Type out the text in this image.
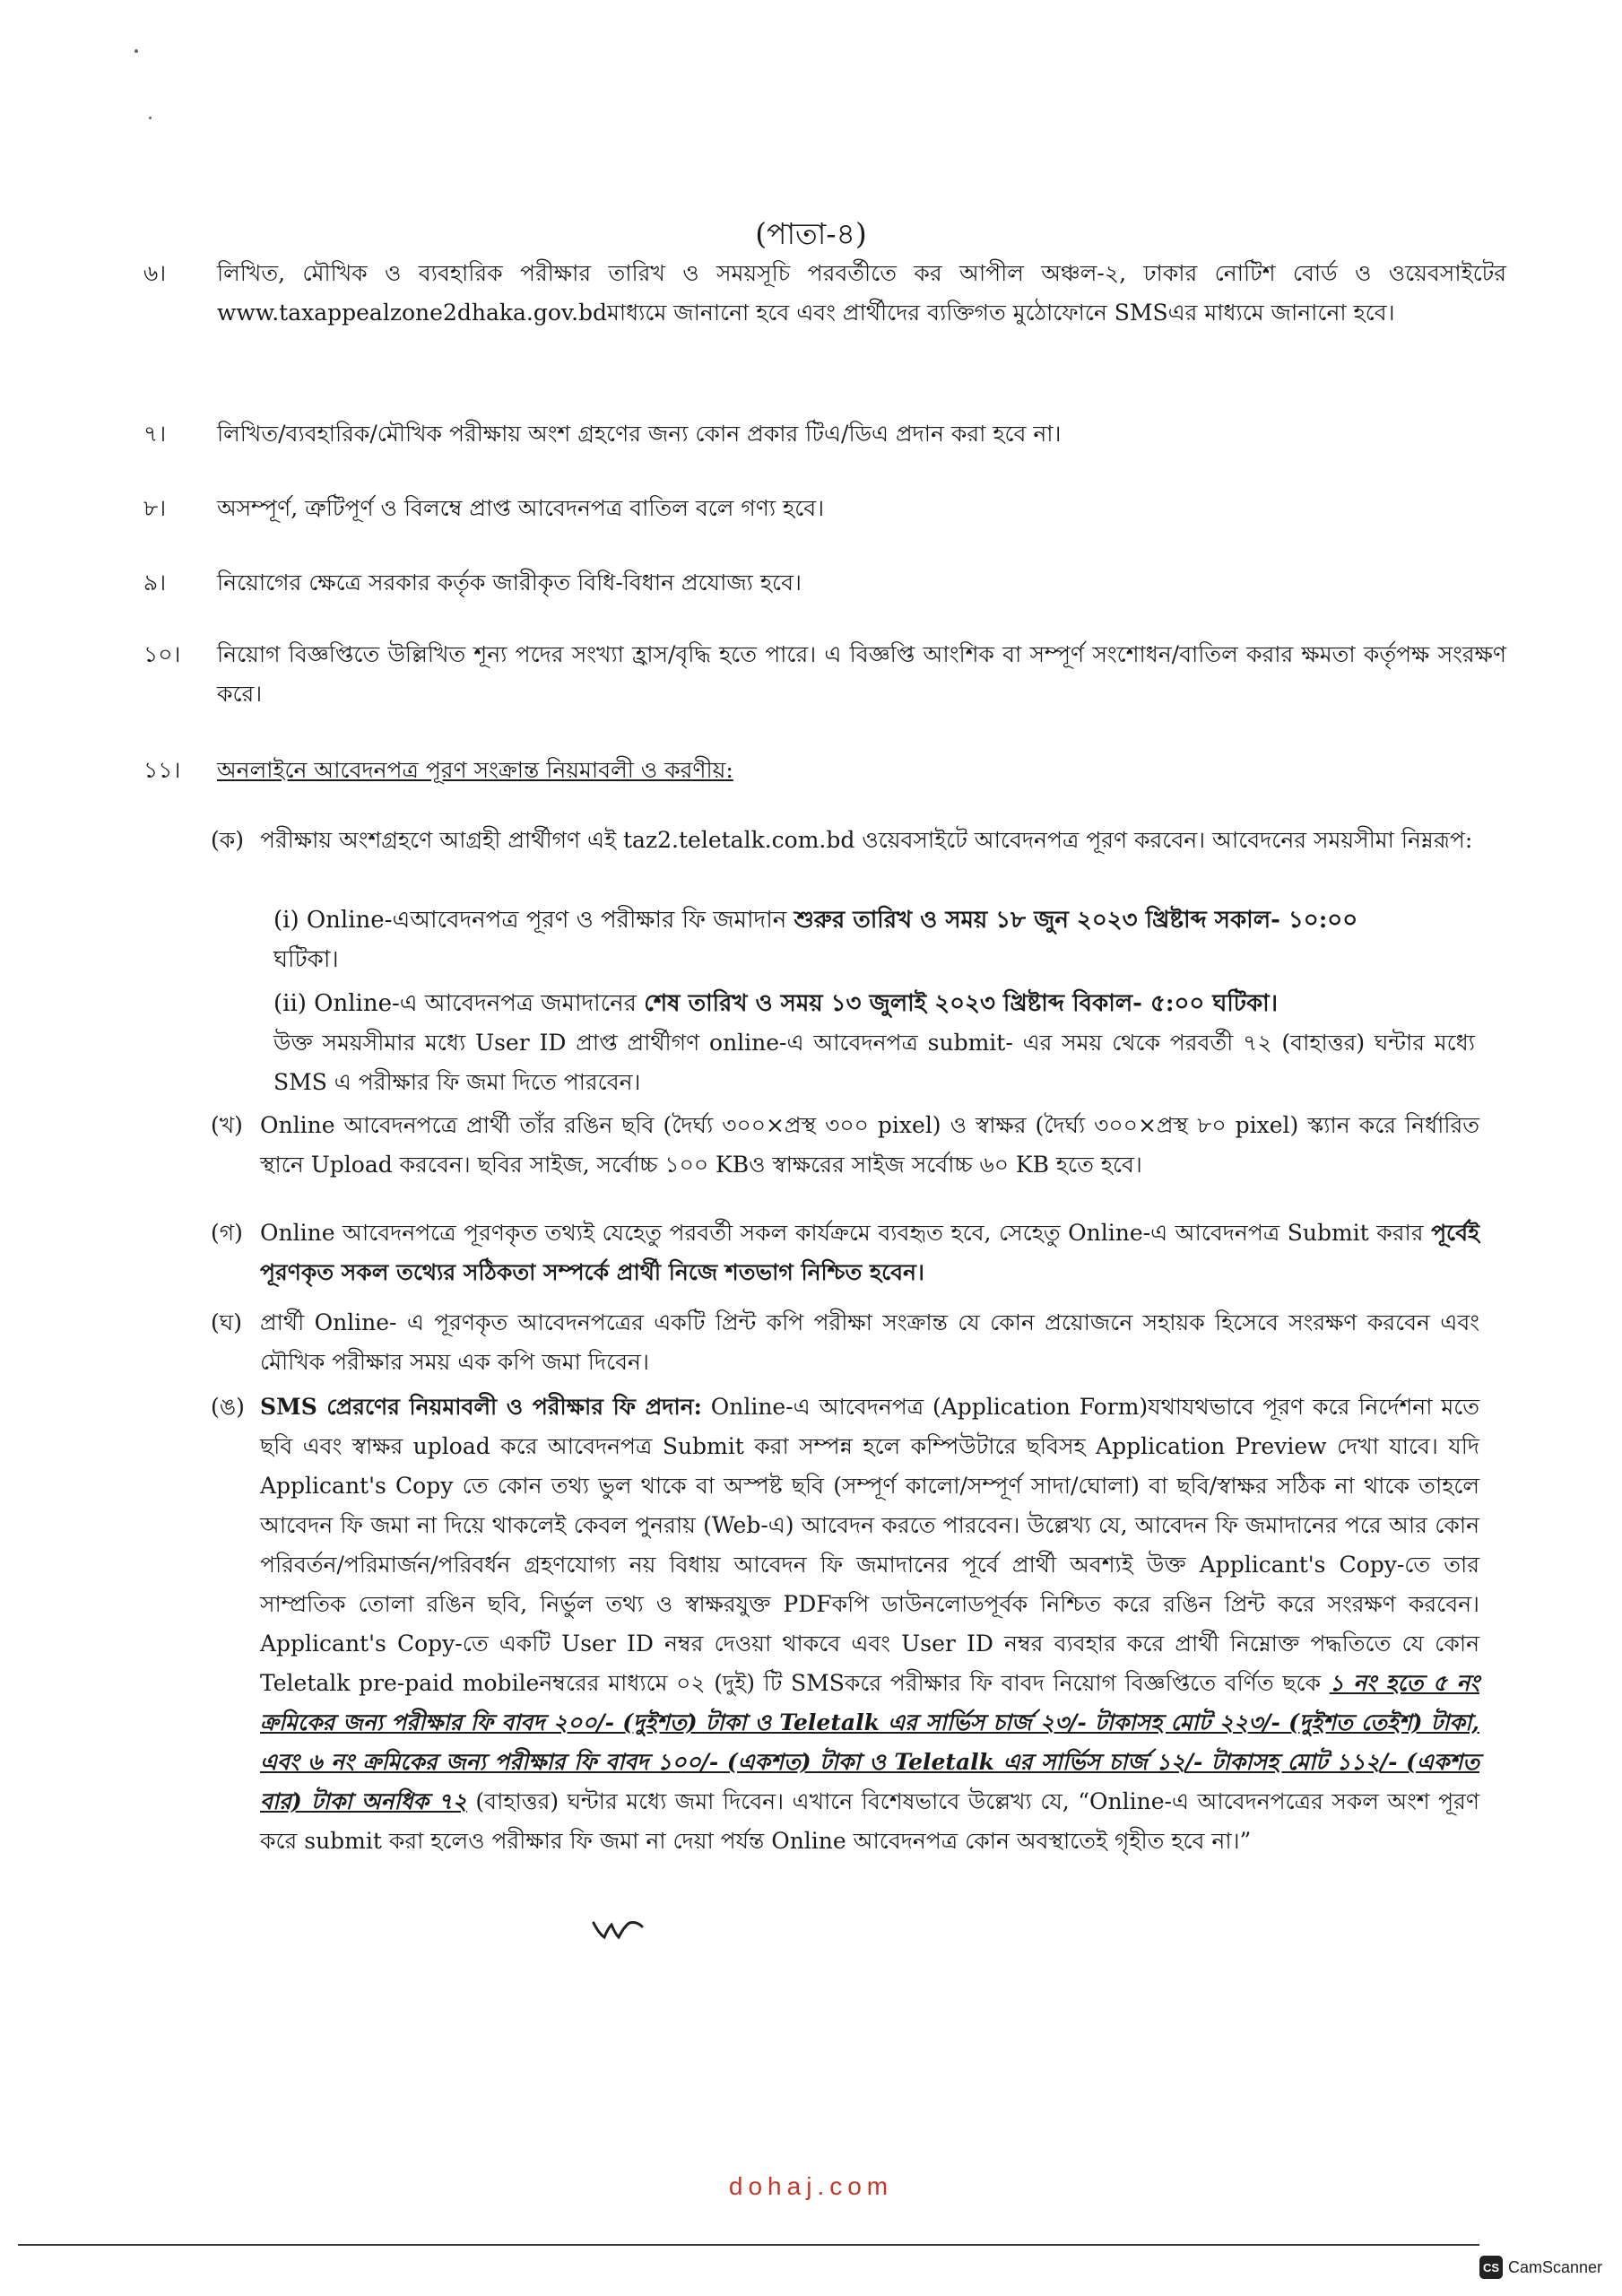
(পাতা-৪)
৬।	লিখিত, মৌখিক ও ব্যবহারিক পরীক্ষার তারিখ ও সময়সূচি পরবর্তীতে কর আপীল অঞ্চল-২, ঢাকার নোটিশ বোর্ড ও ওয়েবসাইটের www.taxappealzone2dhaka.gov.bdমাধ্যমে জানানো হবে এবং প্রার্থীদের ব্যক্তিগত মুঠোফোনে SMSএর মাধ্যমে জানানো হবে।
৭।	লিখিত/ব্যবহারিক/মৌখিক পরীক্ষায় অংশ গ্রহণের জন্য কোন প্রকার টিএ/ডিএ প্রদান করা হবে না।
৮।	অসম্পূর্ণ, ত্রুটিপূর্ণ ও বিলম্বে প্রাপ্ত আবেদনপত্র বাতিল বলে গণ্য হবে।
৯।	নিয়োগের ক্ষেত্রে সরকার কর্তৃক জারীকৃত বিধি-বিধান প্রযোজ্য হবে।
১০।	নিয়োগ বিজ্ঞপ্তিতে উল্লিখিত শূন্য পদের সংখ্যা হ্রাস/বৃদ্ধি হতে পারে। এ বিজ্ঞপ্তি আংশিক বা সম্পূর্ণ সংশোধন/বাতিল করার ক্ষমতা কর্তৃপক্ষ সংরক্ষণ করে।
১১।	অনলাইনে আবেদনপত্র পূরণ সংক্রান্ত নিয়মাবলী ও করণীয়:
(ক) পরীক্ষায় অংশগ্রহণে আগ্রহী প্রার্থীগণ এই taz2.teletalk.com.bd ওয়েবসাইটে আবেদনপত্র পূরণ করবেন। আবেদনের সময়সীমা নিম্নরূপ:
(i) Online-এআবেদনপত্র পূরণ ও পরীক্ষার ফি জমাদান শুরুর তারিখ ও সময় ১৮ জুন ২০২৩ খ্রিষ্টাব্দ সকাল- ১০:০০
ঘটিকা।
(ii) Online-এ আবেদনপত্র জমাদানের শেষ তারিখ ও সময় ১৩ জুলাই ২০২৩ খ্রিষ্টাব্দ বিকাল- ৫:০০ ঘটিকা।
উক্ত সময়সীমার মধ্যে User ID প্রাপ্ত প্রার্থীগণ online-এ আবেদনপত্র submit- এর সময় থেকে পরবর্তী ৭২ (বাহাত্তর) ঘন্টার মধ্যে SMS এ পরীক্ষার ফি জমা দিতে পারবেন।
(খ) Online আবেদনপত্রে প্রার্থী তাঁর রঙিন ছবি (দৈর্ঘ্য ৩০০×প্রস্থ ৩০০ pixel) ও স্বাক্ষর (দৈর্ঘ্য ৩০০×প্রস্থ ৮০ pixel) স্ক্যান করে নির্ধারিত স্থানে Upload করবেন। ছবির সাইজ, সর্বোচ্চ ১০০ KBও স্বাক্ষরের সাইজ সর্বোচ্চ ৬০ KB হতে হবে।
(গ) Online আবেদনপত্রে পূরণকৃত তথ্যই যেহেতু পরবর্তী সকল কার্যক্রমে ব্যবহৃত হবে, সেহেতু Online-এ আবেদনপত্র Submit করার পূর্বেই পূরণকৃত সকল তথ্যের সঠিকতা সম্পর্কে প্রার্থী নিজে শতভাগ নিশ্চিত হবেন।
(ঘ) প্রার্থী Online- এ পূরণকৃত আবেদনপত্রের একটি প্রিন্ট কপি পরীক্ষা সংক্রান্ত যে কোন প্রয়োজনে সহায়ক হিসেবে সংরক্ষণ করবেন এবং মৌখিক পরীক্ষার সময় এক কপি জমা দিবেন।
(ঙ) SMS প্রেরণের নিয়মাবলী ও পরীক্ষার ফি প্রদান: Online-এ আবেদনপত্র (Application Form)যথাযথভাবে পূরণ করে নির্দেশনা মতে ছবি এবং স্বাক্ষর upload করে আবেদনপত্র Submit করা সম্পন্ন হলে কম্পিউটারে ছবিসহ Application Preview দেখা যাবে। যদি Applicant's Copy তে কোন তথ্য ভুল থাকে বা অস্পষ্ট ছবি (সম্পূর্ণ কালো/সম্পূর্ণ সাদা/ঘোলা) বা ছবি/স্বাক্ষর সঠিক না থাকে তাহলে আবেদন ফি জমা না দিয়ে থাকলেই কেবল পুনরায় (Web-এ) আবেদন করতে পারবেন। উল্লেখ্য যে, আবেদন ফি জমাদানের পরে আর কোন পরিবর্তন/পরিমার্জন/পরিবর্ধন গ্রহণযোগ্য নয় বিধায় আবেদন ফি জমাদানের পূর্বে প্রার্থী অবশ্যই উক্ত Applicant's Copy-তে তার সাম্প্রতিক তোলা রঙিন ছবি, নির্ভুল তথ্য ও স্বাক্ষরযুক্ত PDFকপি ডাউনলোডপূর্বক নিশ্চিত করে রঙিন প্রিন্ট করে সংরক্ষণ করবেন। Applicant's Copy-তে একটি User ID নম্বর দেওয়া থাকবে এবং User ID নম্বর ব্যবহার করে প্রার্থী নিম্নোক্ত পদ্ধতিতে যে কোন Teletalk pre-paid mobileনম্বরের মাধ্যমে ০২ (দুই) টি SMSকরে পরীক্ষার ফি বাবদ নিয়োগ বিজ্ঞপ্তিতে বর্ণিত ছকে ১ নং হতে ৫ নং ক্রমিকের জন্য পরীক্ষার ফি বাবদ ২০০/- (দুইশত) টাকা ও Teletalk এর সার্ভিস চার্জ ২৩/- টাকাসহ মোট ২২৩/- (দুইশত তেইশ) টাকা, এবং ৬ নং ক্রমিকের জন্য পরীক্ষার ফি বাবদ ১০০/- (একশত) টাকা ও Teletalk এর সার্ভিস চার্জ ১২/- টাকাসহ মোট ১১২/- (একশত বার) টাকা অনধিক ৭২ (বাহাত্তর) ঘন্টার মধ্যে জমা দিবেন। এখানে বিশেষভাবে উল্লেখ্য যে, “Online-এ আবেদনপত্রের সকল অংশ পূরণ করে submit করা হলেও পরীক্ষার ফি জমা না দেয়া পর্যন্ত Online আবেদনপত্র কোন অবস্থাতেই গৃহীত হবে না।”
dohaj.com
CS CamScanner
